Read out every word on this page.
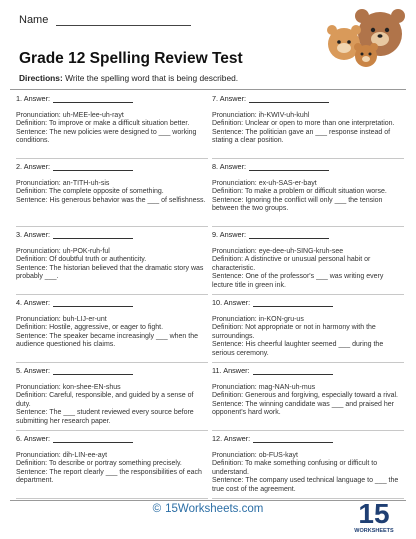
Name
Grade 12 Spelling Review Test
Directions: Write the spelling word that is being described.
1. Answer:
Pronunciation: uh-MEE-lee-uh-rayt
Definition: To improve or make a difficult situation better.
Sentence: The new policies were designed to ___ working conditions.
2. Answer:
Pronunciation: an-TITH-uh-sis
Definition: The complete opposite of something.
Sentence: His generous behavior was the ___ of selfishness.
3. Answer:
Pronunciation: uh-POK-ruh-ful
Definition: Of doubtful truth or authenticity.
Sentence: The historian believed that the dramatic story was probably ___.
4. Answer:
Pronunciation: buh-LIJ-er-unt
Definition: Hostile, aggressive, or eager to fight.
Sentence: The speaker became increasingly ___ when the audience questioned his claims.
5. Answer:
Pronunciation: kon-shee-EN-shus
Definition: Careful, responsible, and guided by a sense of duty.
Sentence: The ___ student reviewed every source before submitting her research paper.
6. Answer:
Pronunciation: dih-LIN-ee-ayt
Definition: To describe or portray something precisely.
Sentence: The report clearly ___ the responsibilities of each department.
7. Answer:
Pronunciation: ih-KWIV-uh-kuhl
Definition: Unclear or open to more than one interpretation.
Sentence: The politician gave an ___ response instead of stating a clear position.
8. Answer:
Pronunciation: ex-uh-SAS-er-bayt
Definition: To make a problem or difficult situation worse.
Sentence: Ignoring the conflict will only ___ the tension between the two groups.
9. Answer:
Pronunciation: eye-dee-uh-SING-kruh-see
Definition: A distinctive or unusual personal habit or characteristic.
Sentence: One of the professor's ___ was writing every lecture title in green ink.
10. Answer:
Pronunciation: in-KON-gru-us
Definition: Not appropriate or not in harmony with the surroundings.
Sentence: His cheerful laughter seemed ___ during the serious ceremony.
11. Answer:
Pronunciation: mag-NAN-uh-mus
Definition: Generous and forgiving, especially toward a rival.
Sentence: The winning candidate was ___ and praised her opponent's hard work.
12. Answer:
Pronunciation: ob-FUS-kayt
Definition: To make something confusing or difficult to understand.
Sentence: The company used technical language to ___ the true cost of the agreement.
© 15Worksheets.com	15
WORKSHEETS
